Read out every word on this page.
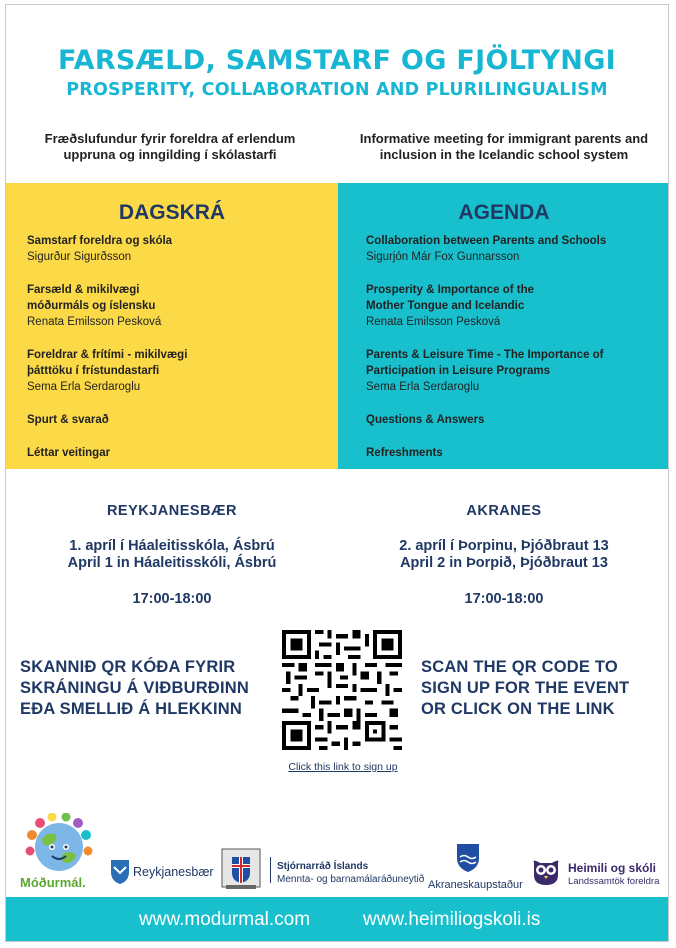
FARSÆLD, SAMSTARF OG FJÖLTYNGI
PROSPERITY, COLLABORATION AND PLURILINGUALISM
Fræðslufundur fyrir foreldra af erlendum
uppruna og inngilding í skólastarfi
Informative meeting for immigrant parents and
inclusion in the Icelandic school system
DAGSKRÁ
Samstarf foreldra og skóla
Sigurður Sigurðsson
Farsæld & mikilvægi
móðurmáls og íslensku
Renata Emilsson Pesková
Foreldrar & frítími - mikilvægi
þátttöku í frístundastarfi
Sema Erla Serdaroglu
Spurt & svarað
Léttar veitingar
AGENDA
Collaboration between Parents and Schools
Sigurjón Már Fox Gunnarsson
Prosperity & Importance of the
Mother Tongue and Icelandic
Renata Emilsson Pesková
Parents & Leisure Time - The Importance of
Participation in Leisure Programs
Sema Erla Serdaroglu
Questions & Answers
Refreshments
REYKJANESBÆR	AKRANES
1. apríl í Háaleitisskóla, Ásbrú
April 1 in Háaleitisskóli, Ásbrú
2. apríl í Þorpinu, Þjóðbraut 13
April 2 in Þorpið, Þjóðbraut 13
17:00-18:00	17:00-18:00
SKANNIÐ QR KÓÐA FYRIR
SKRÁNINGU Á VIÐBURÐINN
EÐA SMELLIÐ Á HLEKKINN
SCAN THE QR CODE TO
SIGN UP FOR THE EVENT
OR CLICK ON THE LINK
Click this link to sign up
Móðurmál.
Reykjanesbær	Stjórnarráð Íslands
Mennta- og barnamálaráðuneytið Akraneskaupstaður
Heimili og skóli
Landssamtök foreldra
www.modurmal.com	www.heimiliogskoli.is
